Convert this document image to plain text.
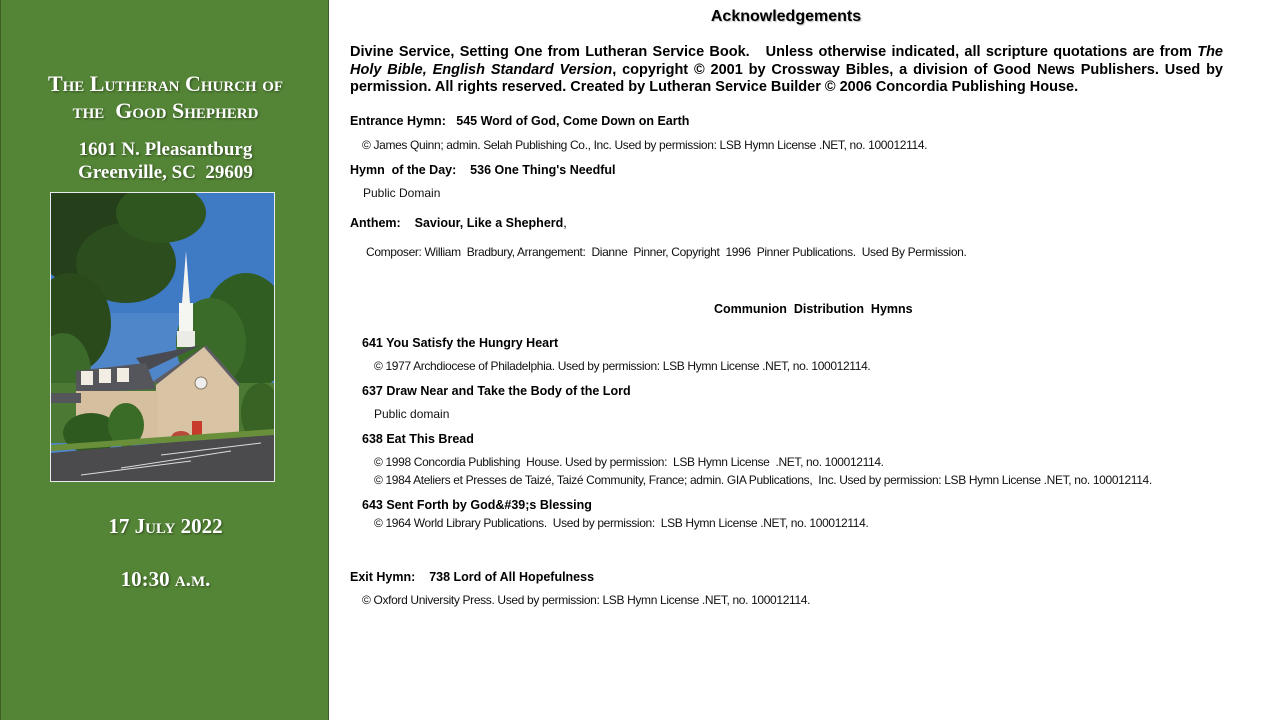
The Lutheran Church of
the  Good Shepherd
1601 N. Pleasantburg
Greenville, SC  29609
17 July 2022
10:30 a.m.
Acknowledgements
Divine Service, Setting One from Lutheran Service Book.   Unless otherwise indicated, all scripture quotations are from The Holy Bible, English Standard Version, copyright © 2001 by Crossway Bibles, a division of Good News Publishers. Used by permission. All rights reserved. Created by Lutheran Service Builder © 2006 Concordia Publishing House.
Entrance Hymn: 545 Word of God, Come Down on Earth
© James Quinn; admin. Selah Publishing Co., Inc. Used by permission: LSB Hymn License .NET, no. 100012114.
Hymn  of the Day: 536 One Thing's Needful
Public Domain
Anthem: Saviour, Like a Shepherd,
Composer: William  Bradbury, Arrangement:  Dianne  Pinner, Copyright  1996  Pinner Publications.  Used By Permission.
Communion  Distribution  Hymns
641 You Satisfy the Hungry Heart
© 1977 Archdiocese of Philadelphia. Used by permission: LSB Hymn License .NET, no. 100012114.
637 Draw Near and Take the Body of the Lord
Public domain
638 Eat This Bread
© 1998 Concordia Publishing  House. Used by permission:  LSB Hymn License  .NET, no. 100012114.
© 1984 Ateliers et Presses de Taizé, Taizé Community, France; admin. GIA Publications,  Inc. Used by permission: LSB Hymn License .NET, no. 100012114.
643 Sent Forth by God&#39;s Blessing
© 1964 World Library Publications.  Used by permission:  LSB Hymn License .NET, no. 100012114.
Exit Hymn: 738 Lord of All Hopefulness
© Oxford University Press. Used by permission: LSB Hymn License .NET, no. 100012114.
